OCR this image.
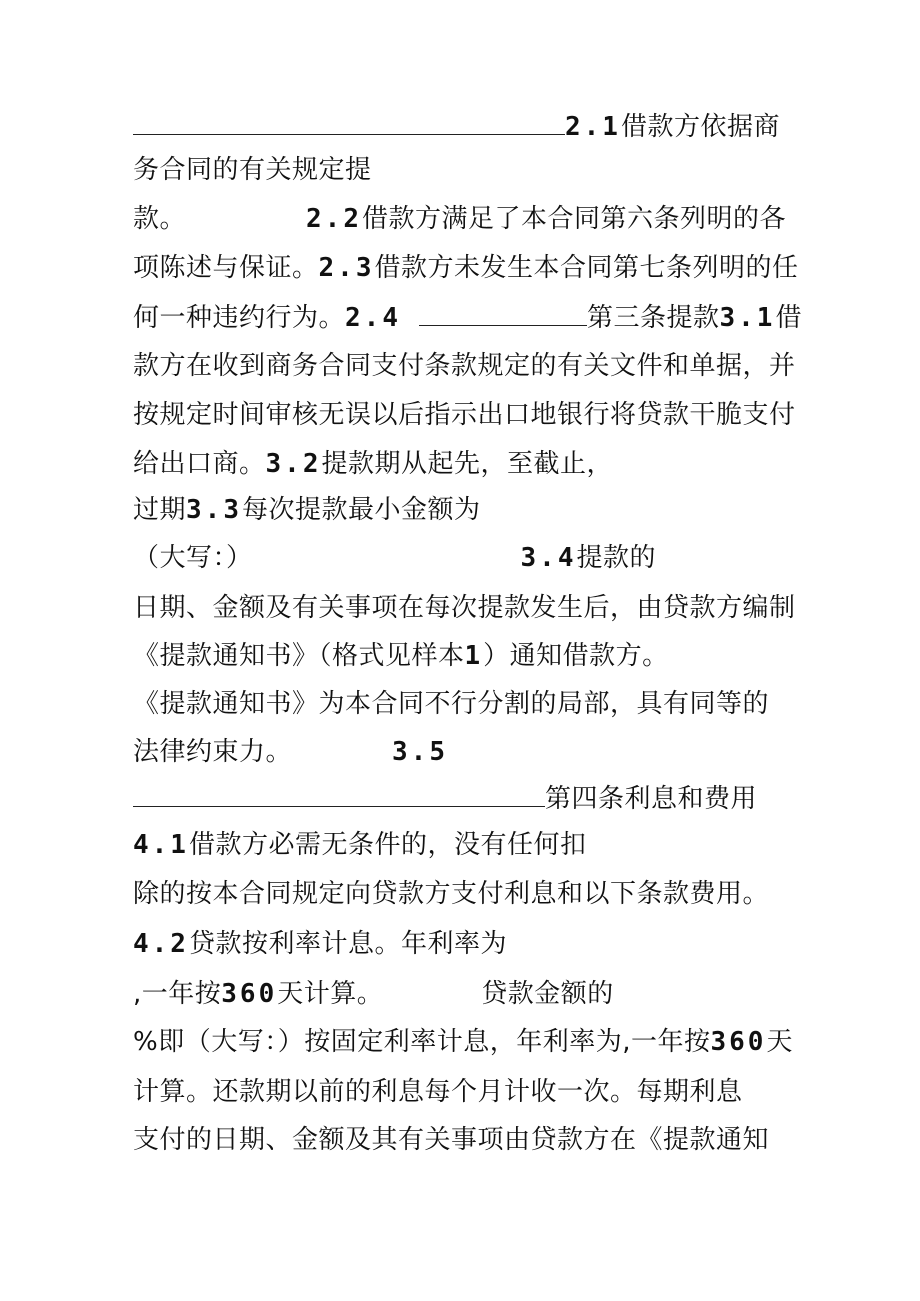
2.1借款方依据商
务合同的有关规定提
款。	2.2借款方满足了本合同第六条列明的各
项陈述与保证。2.3借款方未发生本合同第七条列明的任
何一种违约行为。2.4	第三条提款3.1借
款方在收到商务合同支付条款规定的有关文件和单据，并
按规定时间审核无误以后指示出口地银行将贷款干脆支付
给出口商。3.2提款期从起先，至截止，
过期3.3每次提款最小金额为
（大写：）	3.4提款的
日期、金额及有关事项在每次提款发生后，由贷款方编制
《提款通知书》（格式见样本1）通知借款方。
《提款通知书》为本合同不行分割的局部，具有同等的
法律约束力。	3.5
第四条利息和费用
4.1借款方必需无条件的，没有任何扣
除的按本合同规定向贷款方支付利息和以下条款费用。
4.2贷款按利率计息。年利率为
,一年按360天计算。	贷款金额的
%即（大写：）按固定利率计息，年利率为,一年按360天
计算。还款期以前的利息每个月计收一次。每期利息
支付的日期、金额及其有关事项由贷款方在《提款通知
